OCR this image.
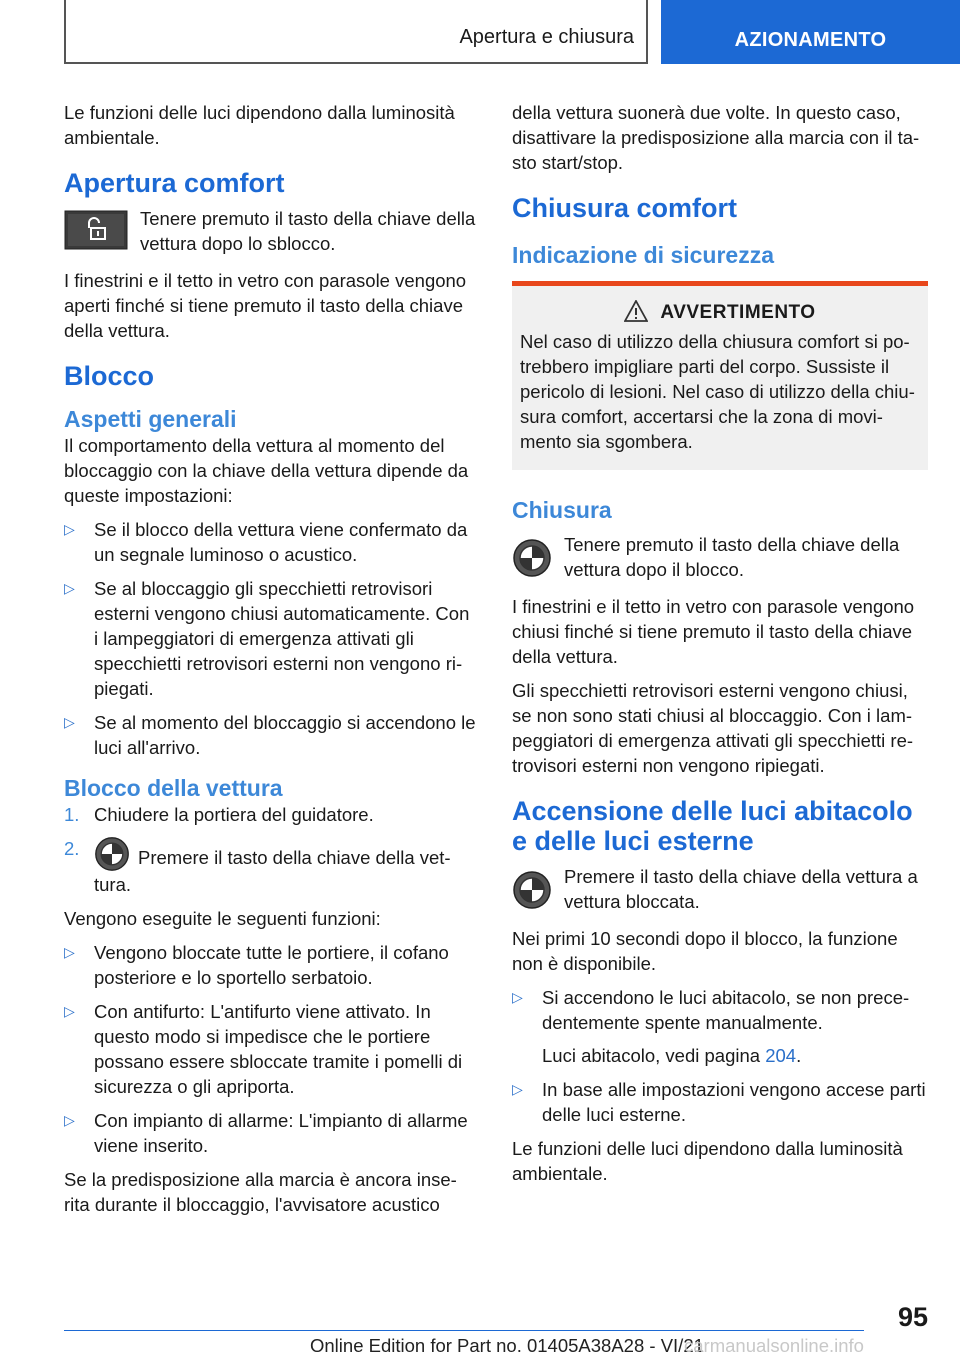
Apertura e chiusura	AZIONAMENTO

Le funzioni delle luci dipendono dalla luminosità ambientale.

Apertura comfort
Tenere premuto il tasto della chiave della vettura dopo lo sblocco.

I finestrini e il tetto in vetro con parasole vengono aperti finché si tiene premuto il tasto della chiave della vettura.

Blocco
Aspetti generali

Il comportamento della vettura al momento del bloccaggio con la chiave della vettura dipende da queste impostazioni:

▷ Se il blocco della vettura viene confermato da un segnale luminoso o acustico.
▷ Se al bloccaggio gli specchietti retrovisori esterni vengono chiusi automaticamente. Con i lampeggiatori di emergenza attivati gli specchietti retrovisori esterni non vengono ri-piegati.
▷ Se al momento del bloccaggio si accendono le luci all'arrivo.
Blocco della vettura
1. Chiudere la portiera del guidatore.
2.	Premere il tasto della chiave della vet-tura.

Vengono eseguite le seguenti funzioni:

▷ Vengono bloccate tutte le portiere, il cofano posteriore e lo sportello serbatoio.
▷ Con antifurto: L'antifurto viene attivato. In questo modo si impedisce che le portiere possano essere sbloccate tramite i pomelli di sicurezza o gli apriporta.
▷ Con impianto di allarme: L'impianto di allarme viene inserito.

Se la predisposizione alla marcia è ancora inse-rita durante il bloccaggio, l'avvisatore acustico

della vettura suonerà due volte. In questo caso, disattivare la predisposizione alla marcia con il ta-sto start/stop.

Chiusura comfort
Indicazione di sicurezza
AVVERTIMENTO
Nel caso di utilizzo della chiusura comfort si po-trebbero impigliare parti del corpo. Sussiste il pericolo di lesioni. Nel caso di utilizzo della chiu-sura comfort, accertarsi che la zona di movi-mento sia sgombera.
Chiusura
Tenere premuto il tasto della chiave della vettura dopo il blocco.

I finestrini e il tetto in vetro con parasole vengono chiusi finché si tiene premuto il tasto della chiave della vettura.

Gli specchietti retrovisori esterni vengono chiusi, se non sono stati chiusi al bloccaggio. Con i lam-peggiatori di emergenza attivati gli specchietti re-trovisori esterni non vengono ripiegati.

Accensione delle luci abitacolo e delle luci esterne
Premere il tasto della chiave della vettura a vettura bloccata.

Nei primi 10 secondi dopo il blocco, la funzione non è disponibile.

▷ Si accendono le luci abitacolo, se non prece-dentemente spente manualmente.
Luci abitacolo, vedi pagina 204.
▷ In base alle impostazioni vengono accese parti delle luci esterne.

Le funzioni delle luci dipendono dalla luminosità ambientale.

95
Online Edition for Part no. 01405A38A28 - VI/21
carmanualsonline.info
